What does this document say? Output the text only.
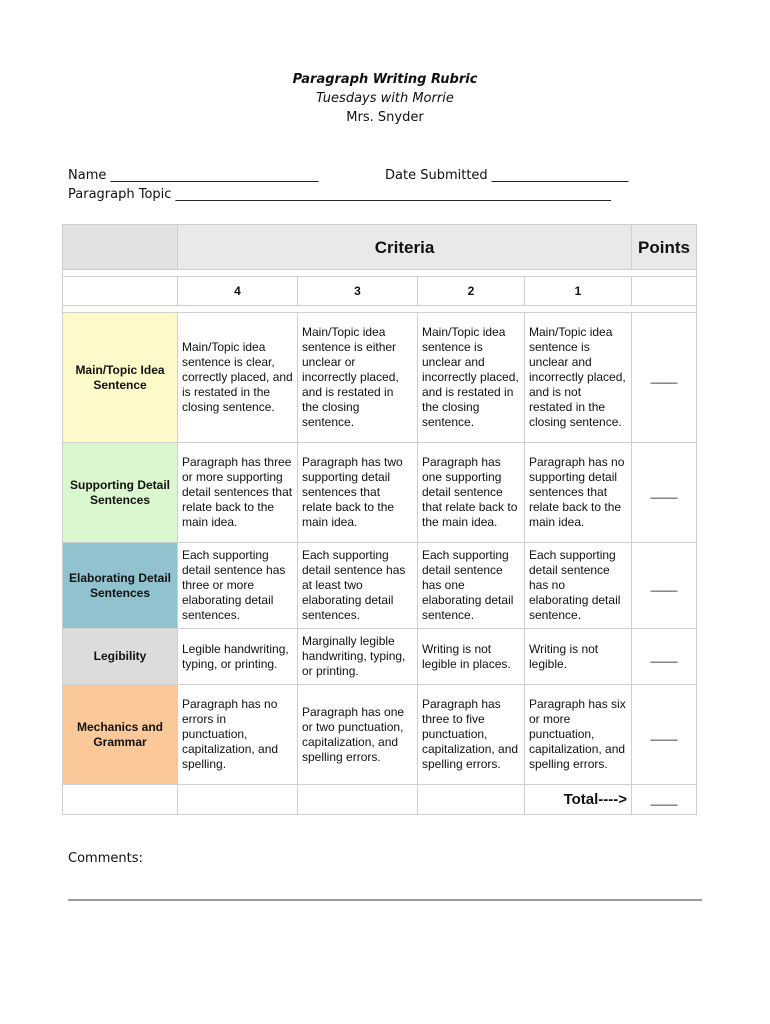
Paragraph Writing Rubric
Tuesdays with Morrie
Mrs. Snyder
Name ________________________________
Paragraph Topic ___________________________________________________________________
Date Submitted _____________________
	Criteria				Points

	4	3	2	1	

Main/Topic Idea Sentence	Main/Topic idea sentence is clear, correctly placed, and is restated in the closing sentence.	Main/Topic idea sentence is either unclear or incorrectly placed, and is restated in the closing sentence.	Main/Topic idea sentence is unclear and incorrectly placed, and is restated in the closing sentence.	Main/Topic idea sentence is unclear and incorrectly placed, and is not restated in the closing sentence.	____
Supporting Detail Sentences	Paragraph has three or more supporting detail sentences that relate back to the main idea.	Paragraph has two supporting detail sentences that relate back to the main idea.	Paragraph has one supporting detail sentence that relate back to the main idea.	Paragraph has no supporting detail sentences that relate back to the main idea.	____
Elaborating Detail Sentences	Each supporting detail sentence has three or more elaborating detail sentences.	Each supporting detail sentence has at least two elaborating detail sentences.	Each supporting detail sentence has one elaborating detail sentence.	Each supporting detail sentence has no elaborating detail sentence.	____
Legibility	Legible handwriting, typing, or printing.	Marginally legible handwriting, typing, or printing.	Writing is not legible in places.	Writing is not legible.	____
Mechanics and Grammar	Paragraph has no errors in punctuation, capitalization, and spelling.	Paragraph has one or two punctuation, capitalization, and spelling errors.	Paragraph has three to five punctuation, capitalization, and spelling errors.	Paragraph has six or more punctuation, capitalization, and spelling errors.	____
				Total---->	____
Comments:
